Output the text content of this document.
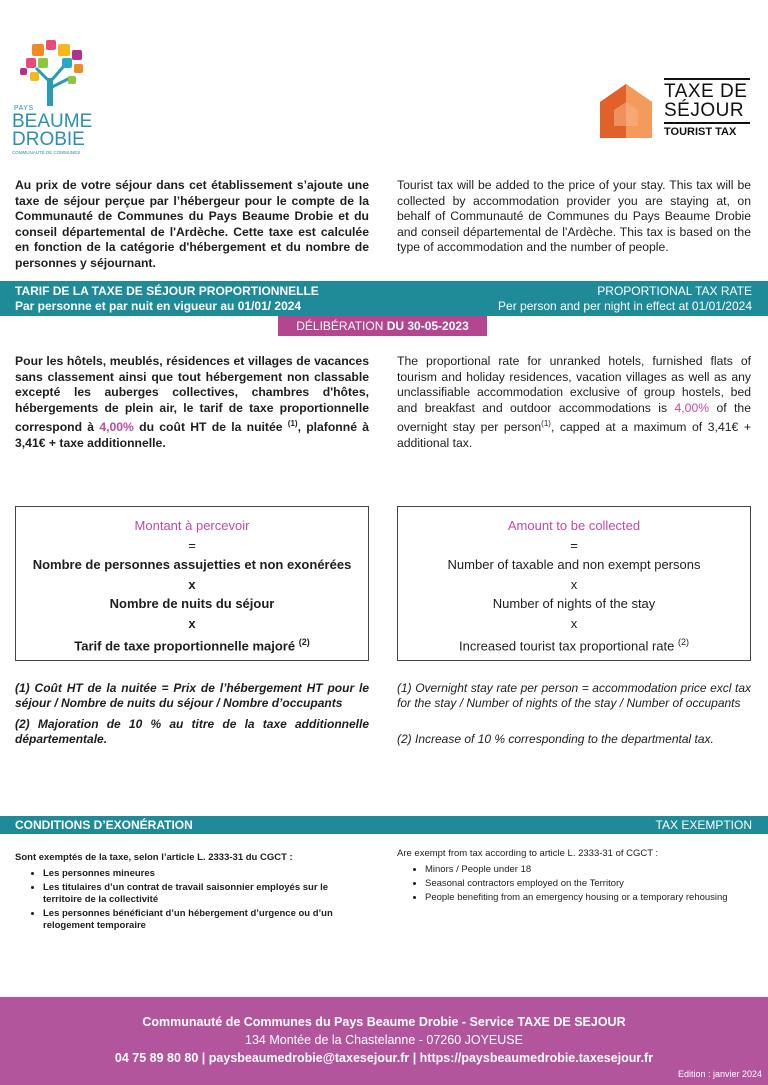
PAYS
BEAUME
DROBIE
COMMUNAUTÉ DE COMMUNES
TAXE DE
SÉJOUR
TOURIST TAX
Au prix de votre séjour dans cet établissement s’ajoute une taxe de séjour perçue par l’hébergeur pour le compte de la Communauté de Communes du Pays Beaume Drobie et du conseil départemental de l'Ardèche. Cette taxe est calculée en fonction de la catégorie d'hébergement et du nombre de personnes y séjournant.
Tourist tax will be added to the price of your stay. This tax will be collected by accommodation provider you are staying at, on behalf of Communauté de Communes du Pays Beaume Drobie and conseil départemental de l'Ardèche. This tax is based on the type of accommodation and the number of people.
TARIF DE LA TAXE DE SÉJOUR PROPORTIONNELLE
Par personne et par nuit en vigueur au 01/01/ 2024
PROPORTIONAL TAX RATE
Per person and per night in effect at 01/01/2024
DÉLIBÉRATION DU 30-05-2023
Pour les hôtels, meublés, résidences et villages de vacances sans classement ainsi que tout hébergement non classable excepté les auberges collectives, chambres d'hôtes, hébergements de plein air, le tarif de taxe proportionnelle correspond à 4,00% du coût HT de la nuitée $^{(1)}$, plafonné à 3,41€ + taxe additionnelle.
The proportional rate for unranked hotels, furnished flats of tourism and holiday residences, vacation villages as well as any unclassifiable accommodation exclusive of group hostels, bed and breakfast and outdoor accommodations is 4,00% of the overnight stay per person$^{(1)}$, capped at a maximum of 3,41€ + additional tax.
Montant à percevoir
=
Nombre de personnes assujetties et non exonérées
x
Nombre de nuits du séjour
x
Tarif de taxe proportionnelle majoré $^{(2)}$
Amount to be collected
=
Number of taxable and non exempt persons
x
Number of nights of the stay
x
Increased tourist tax proportional rate $^{(2)}$
(1) Coût HT de la nuitée = Prix de l’hébergement HT pour le séjour / Nombre de nuits du séjour / Nombre d’occupants
(2) Majoration de 10 % au titre de la taxe additionnelle départementale.
(1) Overnight stay rate per person = accommodation price excl tax for the stay / Number of nights of the stay / Number of occupants
(2) Increase of 10 % corresponding to the departmental tax.
CONDITIONS D’EXONÉRATION	TAX EXEMPTION
Sont exemptés de la taxe, selon l’article L. 2333-31 du CGCT :
• Les personnes mineures
• Les titulaires d’un contrat de travail saisonnier employés sur le territoire de la collectivité
• Les personnes bénéficiant d’un hébergement d’urgence ou d’un relogement temporaire
Are exempt from tax according to article L. 2333-31 of CGCT :
• Minors / People under 18
• Seasonal contractors employed on the Territory
• People benefiting from an emergency housing or a temporary rehousing
Communauté de Communes du Pays Beaume Drobie - Service TAXE DE SEJOUR
134 Montée de la Chastelanne - 07260 JOYEUSE
04 75 89 80 80 | paysbeaumedrobie@taxesejour.fr | https://paysbeaumedrobie.taxesejour.fr
Edition : janvier 2024
